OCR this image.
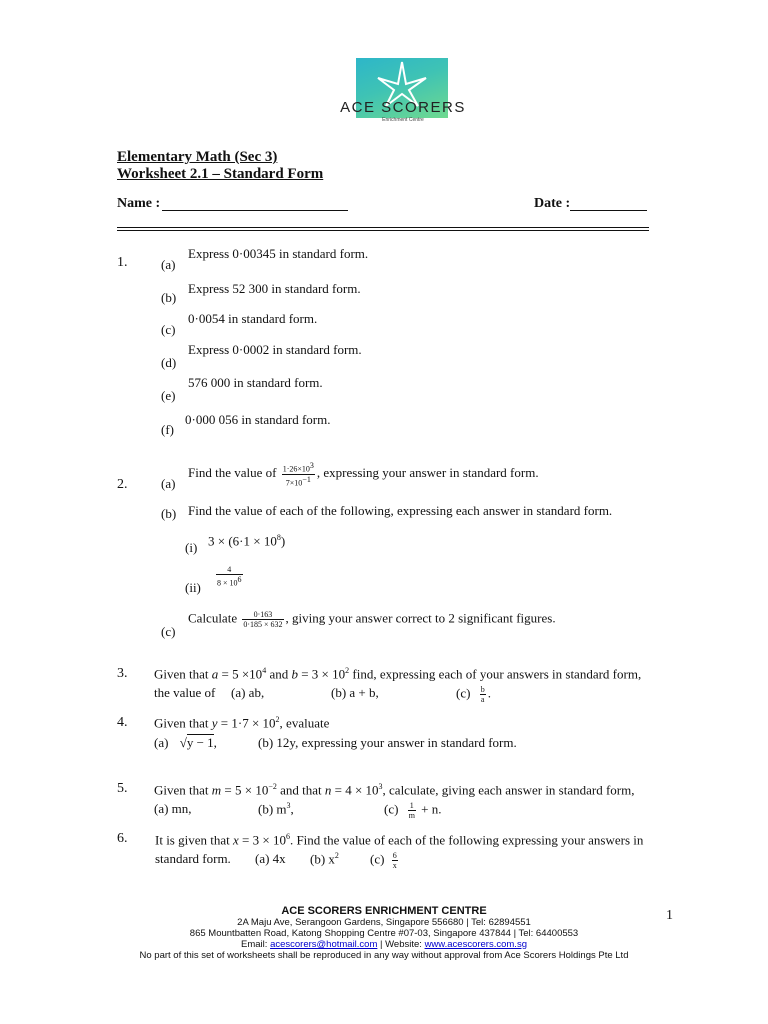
ACE SCORERS
Enrichment Centre
Elementary Math (Sec 3)
Worksheet 2.1 – Standard Form
Name :	Date :
1.	(a)
Express 0·00345 in standard form.
(b)
Express 52 300 in standard form.
(c)
0·0054 in standard form.
(d)
Express 0·0002 in standard form.
(e)
576 000 in standard form.
(f)
0·000 056 in standard form.
2.	(a)
Find the value of $\frac{1\cdot 26\times 10^3}{7\times 10^{-1}}$ , expressing your answer in standard form.
(b) Find the value of each of the following, expressing each answer in standard form.
(i) $3 \times (6\cdot 1 \times 10^8)$
$(ii) \frac{4}{8 \times 10^6}$
(c)
Calculate $\frac{0\cdot 163}{0\cdot 185 \times 632}$ , giving your answer correct to 2 significant figures.
3. Given that $a = 5 \times 10^4$ and $b = 3 \times 10^2$ find, expressing each of your answers in standard form,
the value of (a) ab,	(b) a + b,	$(c) \frac{b}{a}$ .
4. Given that $y = 1\cdot 7 \times 10^2$, evaluate
(a) √y − 1,	(b) 12y, expressing your answer in standard form.
5. Given that $m = 5 \times 10^{-2}$ and that $n = 4 \times 10^3$, calculate, giving each answer in standard form,
(a) mn,	(b) $m^3$,	$(c) \frac{1}{m} + n$.
6. It is given that $x = 3 \times 10^6$. Find the value of each of the following expressing your answers in
standard form. (a) 4x (b) $x^2$ $(c) \frac{6}{x}$
ACE SCORERS ENRICHMENT CENTRE
2A Maju Ave, Serangoon Gardens, Singapore 556680 | Tel: 62894551
865 Mountbatten Road, Katong Shopping Centre #07-03, Singapore 437844 | Tel: 64400553
Email: acescorers@hotmail.com | Website: www.acescorers.com.sg
No part of this set of worksheets shall be reproduced in any way without approval from Ace Scorers Holdings Pte Ltd
1
